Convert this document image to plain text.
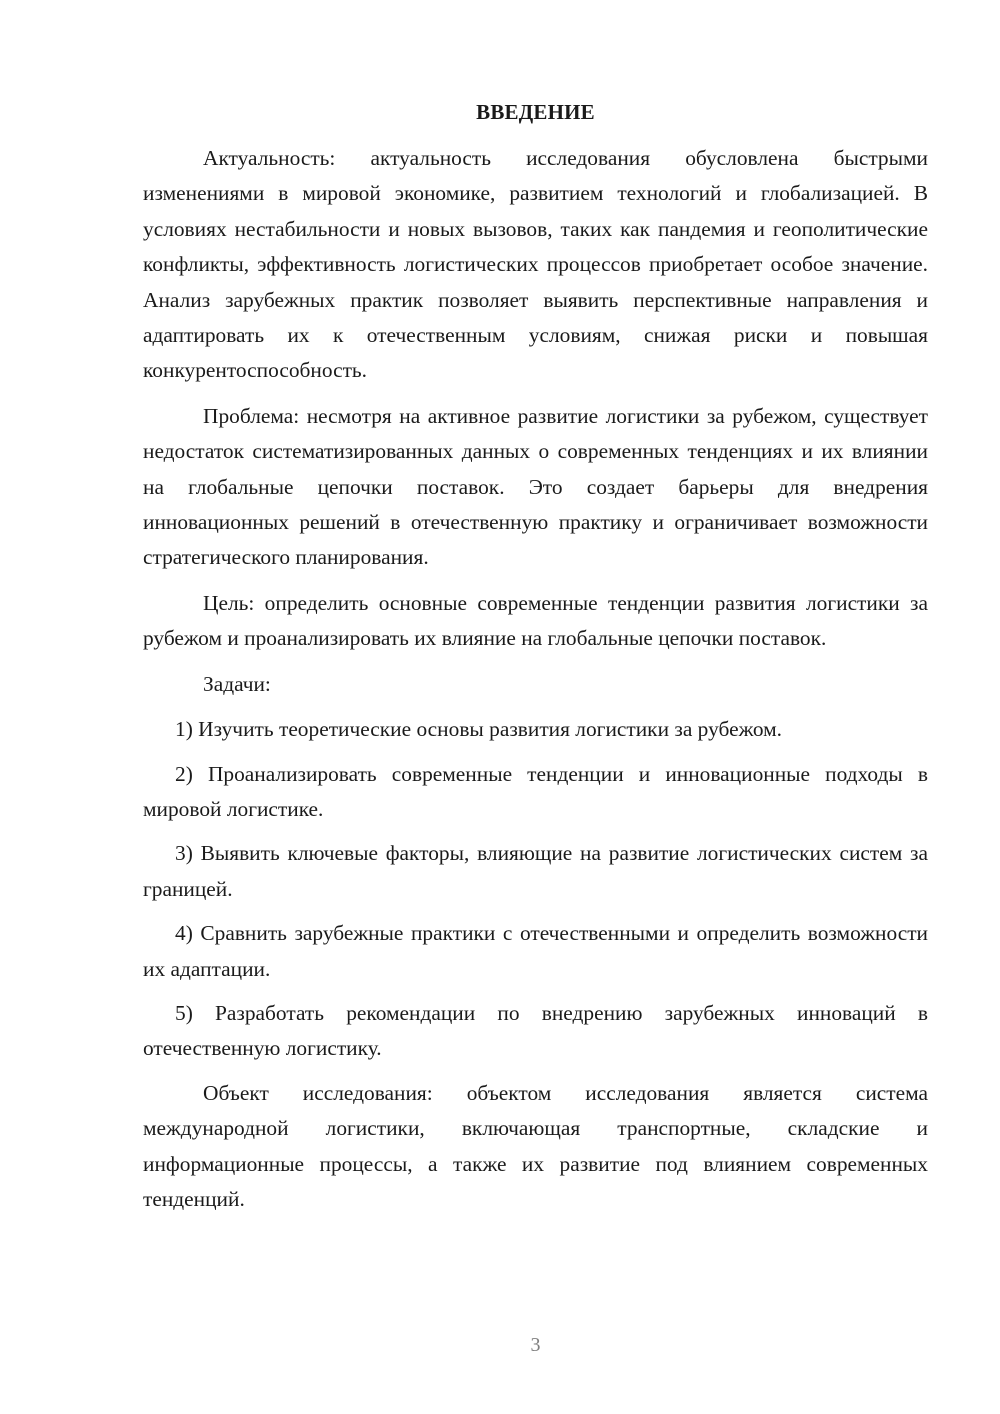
ВВЕДЕНИЕ

Актуальность: актуальность исследования обусловлена быстрыми изменениями в мировой экономике, развитием технологий и глобализацией. В условиях нестабильности и новых вызовов, таких как пандемия и геополитические конфликты, эффективность логистических процессов приобретает особое значение. Анализ зарубежных практик позволяет выявить перспективные направления и адаптировать их к отечественным условиям, снижая риски и повышая конкурентоспособность.

Проблема: несмотря на активное развитие логистики за рубежом, существует недостаток систематизированных данных о современных тенденциях и их влиянии на глобальные цепочки поставок. Это создает барьеры для внедрения инновационных решений в отечественную практику и ограничивает возможности стратегического планирования.

Цель: определить основные современные тенденции развития логистики за рубежом и проанализировать их влияние на глобальные цепочки поставок.

Задачи:

1) Изучить теоретические основы развития логистики за рубежом.

2) Проанализировать современные тенденции и инновационные подходы в мировой логистике.

3) Выявить ключевые факторы, влияющие на развитие логистических систем за границей.

4) Сравнить зарубежные практики с отечественными и определить возможности их адаптации.

5) Разработать рекомендации по внедрению зарубежных инноваций в отечественную логистику.

Объект исследования: объектом исследования является система международной логистики, включающая транспортные, складские и информационные процессы, а также их развитие под влиянием современных тенденций.

3
